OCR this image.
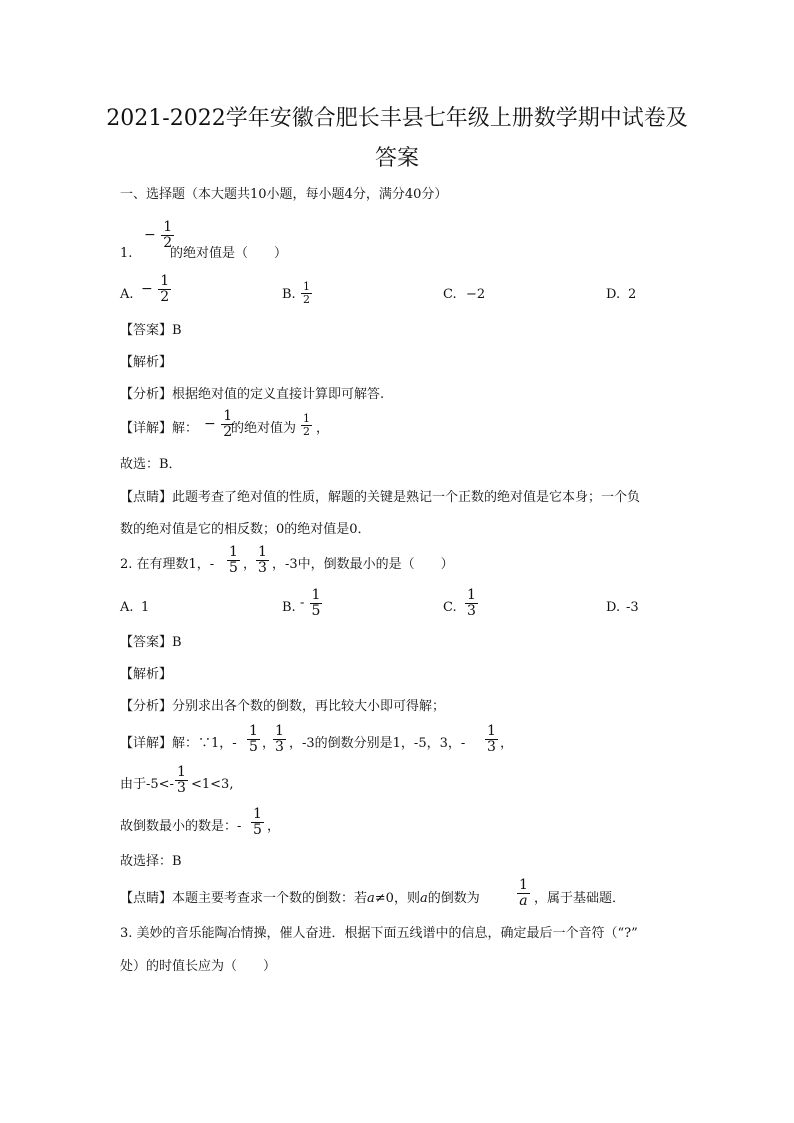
2021-2022学年安徽合肥长丰县七年级上册数学期中试卷及
答案
一、选择题（本大题共10小题，每小题4分，满分40分）
1.
− $\frac{1}{2}$
的绝对值是（　　）
A. − $\frac{1}{2}$	B. $\frac{1}{2}$	C. −2	D. 2
【答案】B
【解析】
【分析】根据绝对值的定义直接计算即可解答.
【详解】解： − $\frac{1}{2}$
的绝对值为 $\frac{1}{2}$ ，
故选：B．
【点睛】此题考查了绝对值的性质，解题的关键是熟记一个正数的绝对值是它本身；一个负
数的绝对值是它的相反数；0的绝对值是0．
2. 在有理数1，- $\frac{1}{5}$ ， $\frac{1}{3}$ ，-3中，倒数最小的是（　　）
A. 1	B. - $\frac{1}{5}$	C. $\frac{1}{3}$	D. -3
【答案】B
【解析】
【分析】分别求出各个数的倒数，再比较大小即可得解；
【详解】解：∵1，- $\frac{1}{5}$ ，
$\frac{1}{3}$ ，-3的倒数分别是1，-5，3，- $\frac{1}{3}$ ，
由于$-5<- \frac{1}{3} <1<3$,
故倒数最小的数是：- $\frac{1}{5}$ ，
故选择：B
【点睛】本题主要考查求一个数的倒数：若a≠0，则a的倒数为	$\frac{1}{a}$ ，属于基础题．
3. 美妙的音乐能陶冶情操，催人奋进．根据下面五线谱中的信息，确定最后一个音符（“?”
处）的时值长应为（　　）
